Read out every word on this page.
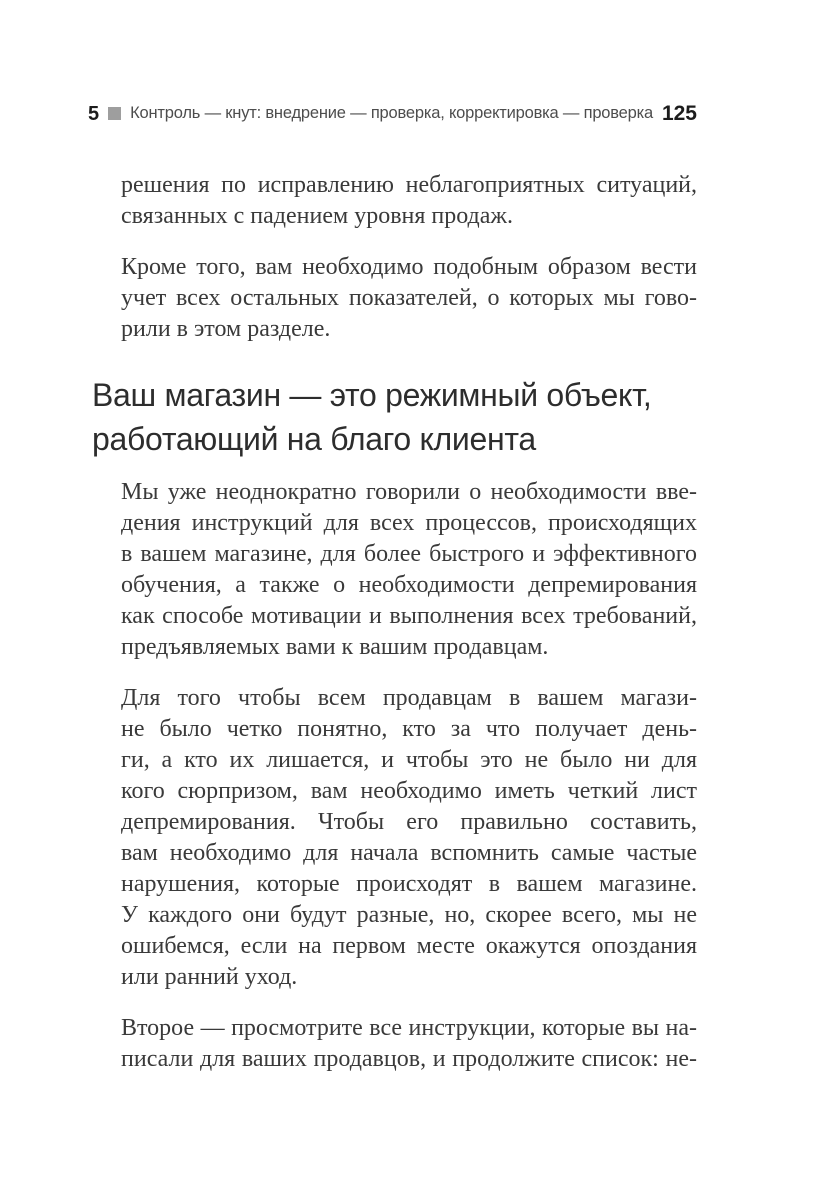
5 Контроль — кнут: внедрение — проверка, корректировка — проверка 125
решения по исправлению неблагоприятных ситуаций,
связанных с падением уровня продаж.
Кроме того, вам необходимо подобным образом вести
учет всех остальных показателей, о которых мы гово-
рили в этом разделе.
Ваш магазин — это режимный объект,
работающий на благо клиента
Мы уже неоднократно говорили о необходимости вве-
дения инструкций для всех процессов, происходящих
в вашем магазине, для более быстрого и эффективного
обучения, а также о необходимости депремирования
как способе мотивации и выполнения всех требований,
предъявляемых вами к вашим продавцам.
Для того чтобы всем продавцам в вашем магази-
не было четко понятно, кто за что получает день-
ги, а кто их лишается, и чтобы это не было ни для
кого сюрпризом, вам необходимо иметь четкий лист
депремирования. Чтобы его правильно составить,
вам необходимо для начала вспомнить самые частые
нарушения, которые происходят в вашем магазине.
У каждого они будут разные, но, скорее всего, мы не
ошибемся, если на первом месте окажутся опоздания
или ранний уход.
Второе — просмотрите все инструкции, которые вы на-
писали для ваших продавцов, и продолжите список: не-
